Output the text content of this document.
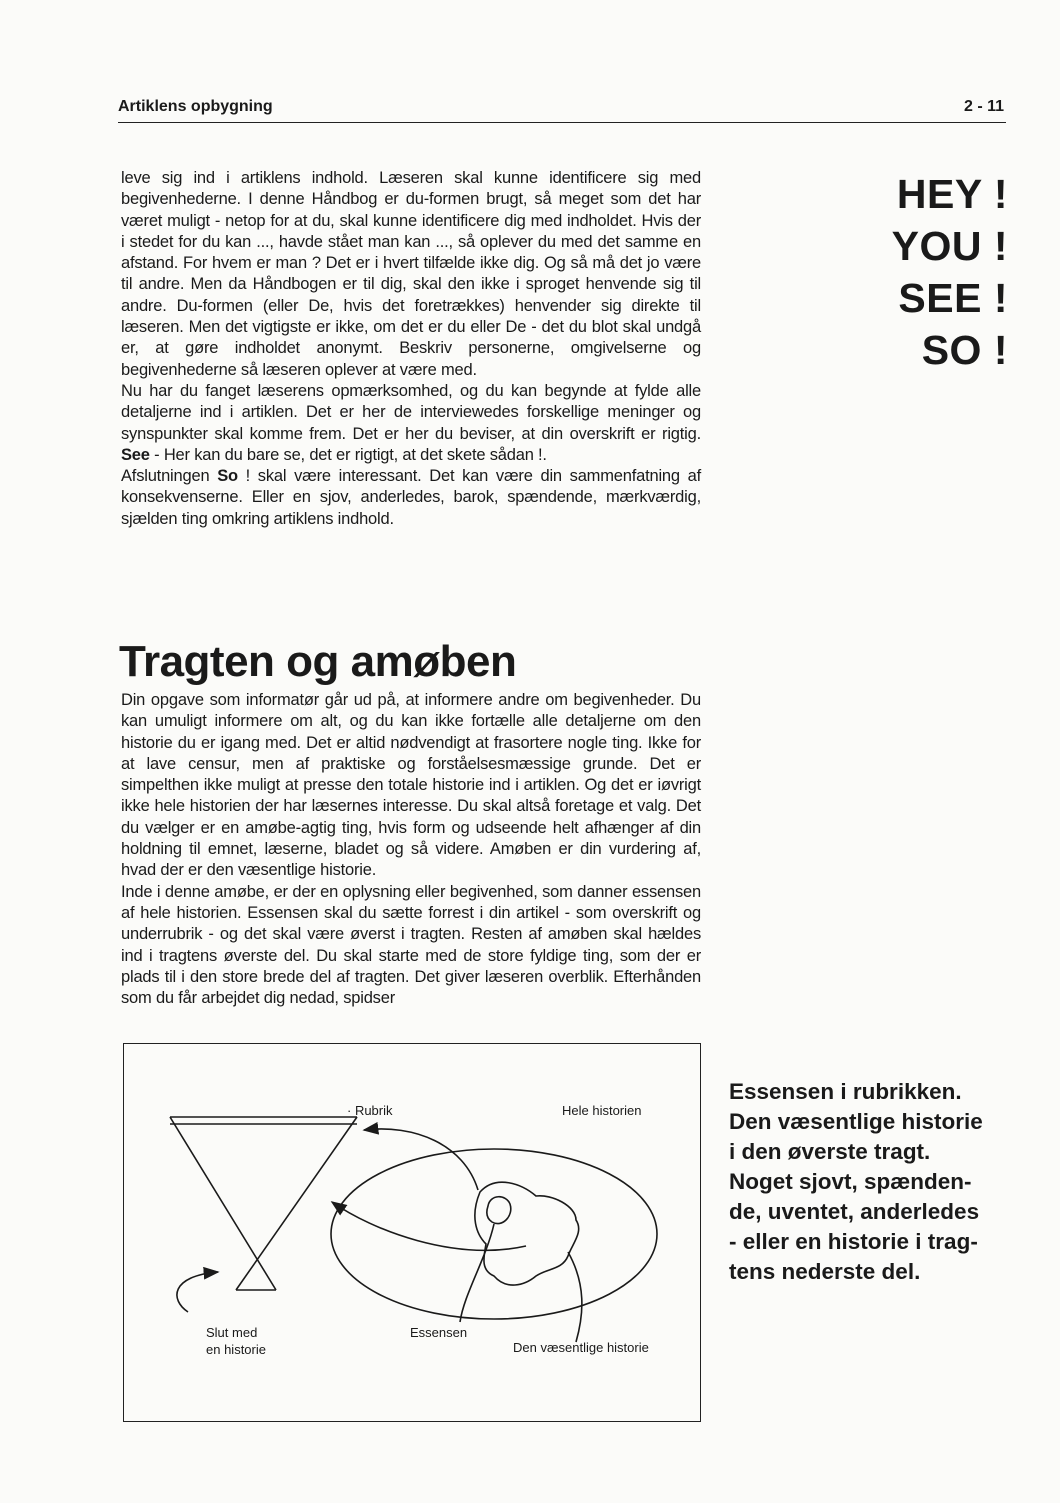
Artiklens opbygning	2 - 11

leve sig ind i artiklens indhold. Læseren skal kunne identificere sig med begivenhederne. I denne Håndbog er du-formen brugt, så meget som det har været muligt - netop for at du, skal kunne identificere dig med indholdet. Hvis der i stedet for du kan ..., havde stået man kan ..., så oplever du med det samme en afstand. For hvem er man ? Det er i hvert tilfælde ikke dig. Og så må det jo være til andre. Men da Håndbogen er til dig, skal den ikke i sproget henvende sig til andre. Du-formen (eller De, hvis det foretrækkes) henvender sig direkte til læseren. Men det vigtigste er ikke, om det er du eller De - det du blot skal undgå er, at gøre indholdet anonymt. Beskriv personerne, omgivelserne og begivenhederne så læseren oplever at være med.

Nu har du fanget læserens opmærksomhed, og du kan begynde at fylde alle detaljerne ind i artiklen. Det er her de interviewedes forskellige meninger og synspunkter skal komme frem. Det er her du beviser, at din overskrift er rigtig. See - Her kan du bare se, det er rigtigt, at det skete sådan !.

Afslutningen So ! skal være interessant. Det kan være din sammenfatning af konsekvenserne. Eller en sjov, anderledes, barok, spændende, mærkværdig, sjælden ting omkring artiklens indhold.

HEY !
YOU !
SEE !
SO !
Tragten og amøben

Din opgave som informatør går ud på, at informere andre om begivenheder. Du kan umuligt informere om alt, og du kan ikke fortælle alle detaljerne om den historie du er igang med. Det er altid nødvendigt at frasortere nogle ting. Ikke for at lave censur, men af praktiske og forståelsesmæssige grunde. Det er simpelthen ikke muligt at presse den totale historie ind i artiklen. Og det er iøvrigt ikke hele historien der har læsernes interesse. Du skal altså foretage et valg. Det du vælger er en amøbe-agtig ting, hvis form og udseende helt afhænger af din holdning til emnet, læserne, bladet og så videre. Amøben er din vurdering af, hvad der er den væsentlige historie.

Inde i denne amøbe, er der en oplysning eller begivenhed, som danner essensen af hele historien. Essensen skal du sætte forrest i din artikel - som overskrift og underrubrik - og det skal være øverst i tragten. Resten af amøben skal hældes ind i tragtens øverste del. Du skal starte med de store fyldige ting, som der er plads til i den store brede del af tragten. Det giver læseren overblik. Efterhånden som du får arbejdet dig nedad, spidser

· Rubrik	Hele historien
Slut med
en historie
Essensen
Den væsentlige historie
Essensen i rubrikken.
Den væsentlige historie
i den øverste tragt.
Noget sjovt, spænden-
de, uventet, anderledes
- eller en historie i trag-
tens nederste del.
